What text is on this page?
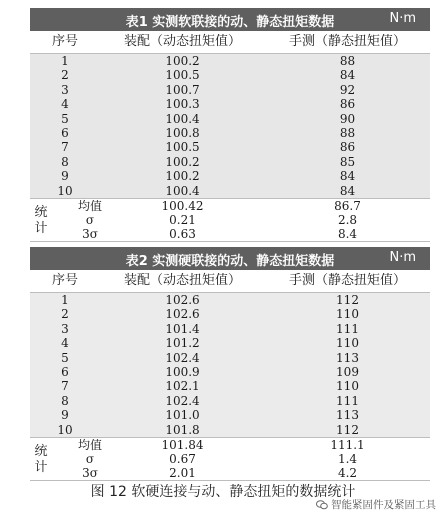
表1 实测软联接的动、静态扭矩数据	N·m
序号	装配（动态扭矩值）	手测（静态扭矩值）
1	100.2	88
2	100.5	84
3	100.7	92
4	100.3	86
5	100.4	90
6	100.8	88
7	100.5	86
8	100.2	85
9	100.2	84
10	100.4	84
统计
均值	100.42	86.7
σ	0.21	2.8
3σ	0.63	8.4
表2 实测硬联接的动、静态扭矩数据	N·m
序号	装配（动态扭矩值）	手测（静态扭矩值）
1	102.6	112
2	102.6	110
3	101.4	111
4	101.2	110
5	102.4	113
6	100.9	109
7	102.1	110
8	102.4	111
9	101.0	113
10	101.8	112
统计
均值	101.84	111.1
σ	0.67	1.4
3σ	2.01	4.2
图 12 软硬连接与动、静态扭矩的数据统计
智能紧固件及紧固工具
